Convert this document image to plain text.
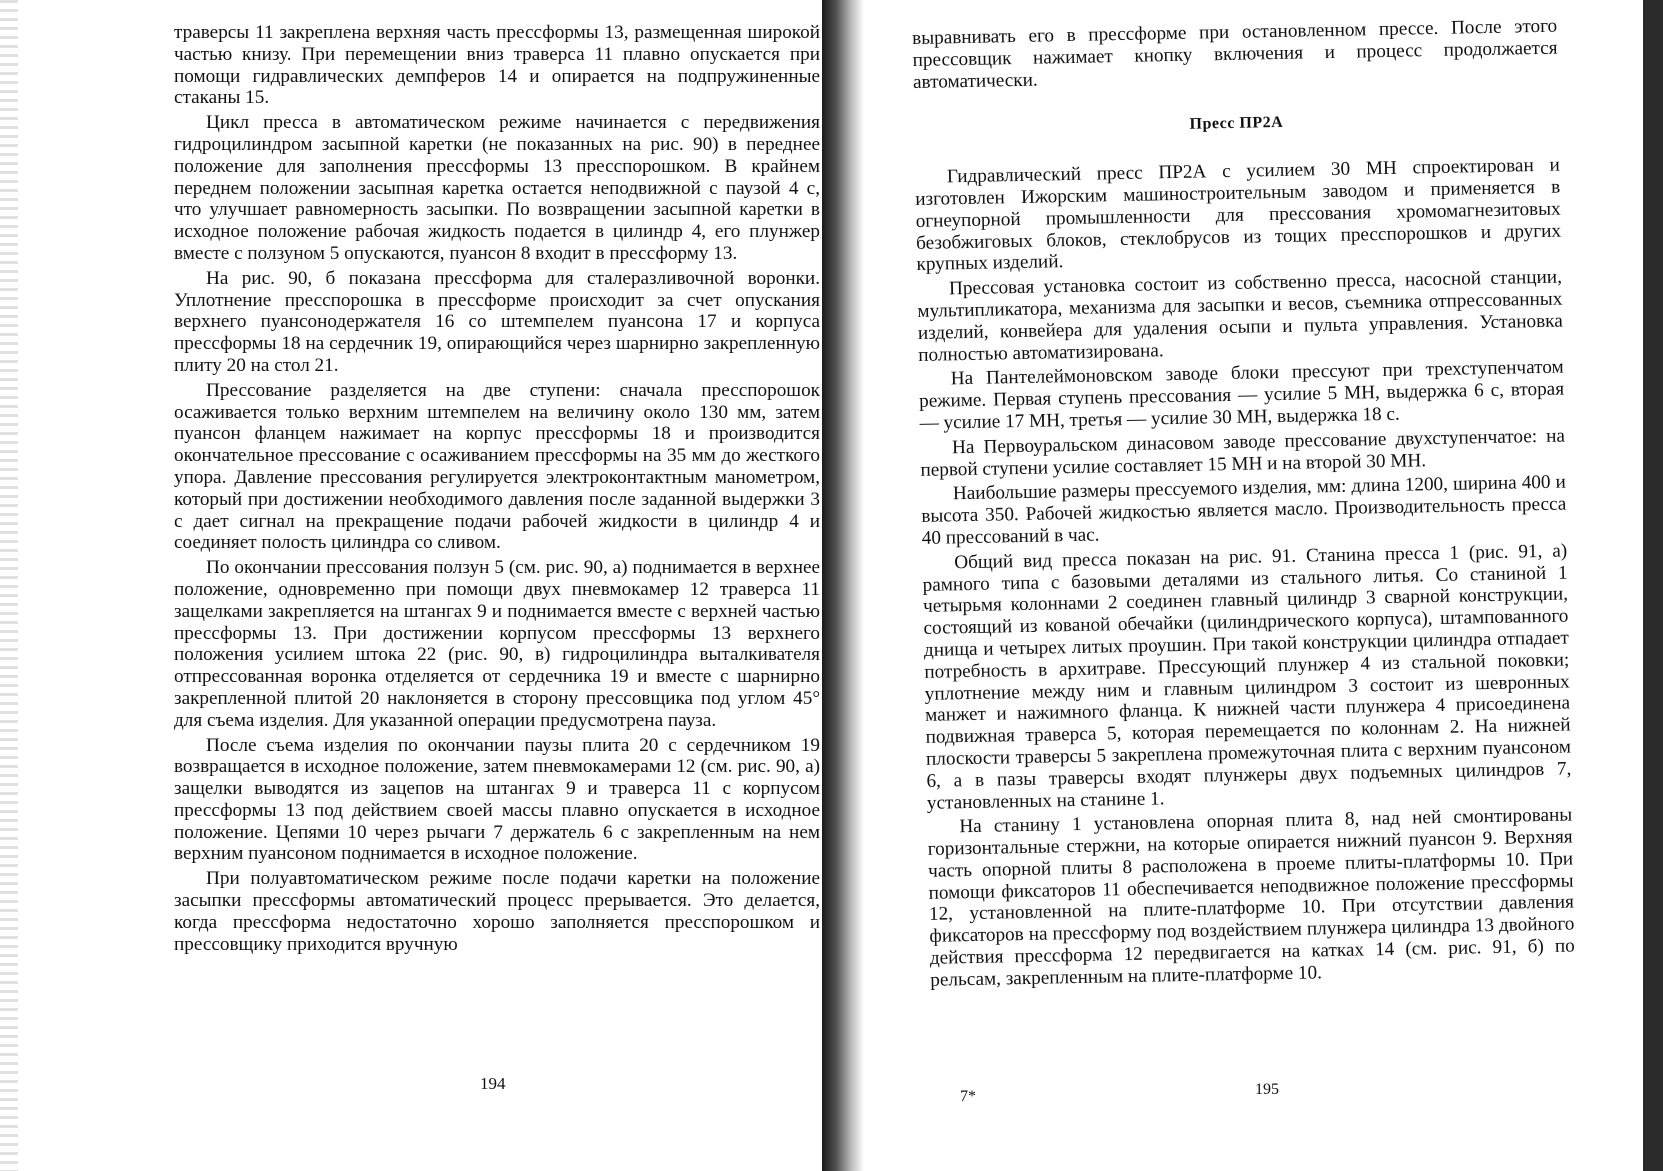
траверсы 11 закреплена верхняя часть прессформы 13, размещенная широкой частью книзу. При перемещении вниз траверса 11 плавно опускается при помощи гидравлических демпферов 14 и опирается на подпружиненные стаканы 15.

Цикл пресса в автоматическом режиме начинается с передвижения гидроцилиндром засыпной каретки (не показанных на рис. 90) в переднее положение для заполнения прессформы 13 пресспорошком. В крайнем переднем положении засыпная каретка остается неподвижной с паузой 4 с, что улучшает равномерность засыпки. По возвращении засыпной каретки в исходное положение рабочая жидкость подается в цилиндр 4, его плунжер вместе с ползуном 5 опускаются, пуансон 8 входит в прессформу 13.

На рис. 90, б показана прессформа для сталеразливочной воронки. Уплотнение пресспорошка в прессформе происходит за счет опускания верхнего пуансонодержателя 16 со штемпелем пуансона 17 и корпуса прессформы 18 на сердечник 19, опирающийся через шарнирно закрепленную плиту 20 на стол 21.

Прессование разделяется на две ступени: сначала пресспорошок осаживается только верхним штемпелем на величину около 130 мм, затем пуансон фланцем нажимает на корпус прессформы 18 и производится окончательное прессование с осаживанием прессформы на 35 мм до жесткого упора. Давление прессования регулируется электроконтактным манометром, который при достижении необходимого давления после заданной выдержки 3 с дает сигнал на прекращение подачи рабочей жидкости в цилиндр 4 и соединяет полость цилиндра со сливом.

По окончании прессования ползун 5 (см. рис. 90, а) поднимается в верхнее положение, одновременно при помощи двух пневмокамер 12 траверса 11 защелками закрепляется на штангах 9 и поднимается вместе с верхней частью прессформы 13. При достижении корпусом прессформы 13 верхнего положения усилием штока 22 (рис. 90, в) гидроцилиндра выталкивателя отпрессованная воронка отделяется от сердечника 19 и вместе с шарнирно закрепленной плитой 20 наклоняется в сторону прессовщика под углом 45° для съема изделия. Для указанной операции предусмотрена пауза.

После съема изделия по окончании паузы плита 20 с сердечником 19 возвращается в исходное положение, затем пневмокамерами 12 (см. рис. 90, а) защелки выводятся из зацепов на штангах 9 и траверса 11 с корпусом прессформы 13 под действием своей массы плавно опускается в исходное положение. Цепями 10 через рычаги 7 держатель 6 с закрепленным на нем верхним пуансоном поднимается в исходное положение.

При полуавтоматическом режиме после подачи каретки на положение засыпки прессформы автоматический процесс прерывается. Это делается, когда прессформа недостаточно хорошо заполняется пресспорошком и прессовщику приходится вручную

194

выравнивать его в прессформе при остановленном прессе. После этого прессовщик нажимает кнопку включения и процесс продолжается автоматически.

Пресс ПР2А

Гидравлический пресс ПР2А с усилием 30 МН спроектирован и изготовлен Ижорским машиностроительным заводом и применяется в огнеупорной промышленности для прессования хромомагнезитовых безобжиговых блоков, стеклобрусов из тощих пресспорошков и других крупных изделий.

Прессовая установка состоит из собственно пресса, насосной станции, мультипликатора, механизма для засыпки и весов, съемника отпрессованных изделий, конвейера для удаления осыпи и пульта управления. Установка полностью автоматизирована.

На Пантелеймоновском заводе блоки прессуют при трехступенчатом режиме. Первая ступень прессования — усилие 5 МН, выдержка 6 с, вторая — усилие 17 МН, третья — усилие 30 МН, выдержка 18 с.

На Первоуральском динасовом заводе прессование двухступенчатое: на первой ступени усилие составляет 15 МН и на второй 30 МН.

Наибольшие размеры прессуемого изделия, мм: длина 1200, ширина 400 и высота 350. Рабочей жидкостью является масло. Производительность пресса 40 прессований в час.

Общий вид пресса показан на рис. 91. Станина пресса 1 (рис. 91, а) рамного типа с базовыми деталями из стального литья. Со станиной 1 четырьмя колоннами 2 соединен главный цилиндр 3 сварной конструкции, состоящий из кованой обечайки (цилиндрического корпуса), штампованного днища и четырех литых проушин. При такой конструкции цилиндра отпадает потребность в архитраве. Прессующий плунжер 4 из стальной поковки; уплотнение между ним и главным цилиндром 3 состоит из шевронных манжет и нажимного фланца. К нижней части плунжера 4 присоединена подвижная траверса 5, которая перемещается по колоннам 2. На нижней плоскости траверсы 5 закреплена промежуточная плита с верхним пуансоном 6, а в пазы траверсы входят плунжеры двух подъемных цилиндров 7, установленных на станине 1.

На станину 1 установлена опорная плита 8, над ней смонтированы горизонтальные стержни, на которые опирается нижний пуансон 9. Верхняя часть опорной плиты 8 расположена в проеме плиты-платформы 10. При помощи фиксаторов 11 обеспечивается неподвижное положение прессформы 12, установленной на плите-платформе 10. При отсутствии давления фиксаторов на прессформу под воздействием плунжера цилиндра 13 двойного действия прессформа 12 передвигается на катках 14 (см. рис. 91, б) по рельсам, закрепленным на плите-платформе 10.

7*	195
